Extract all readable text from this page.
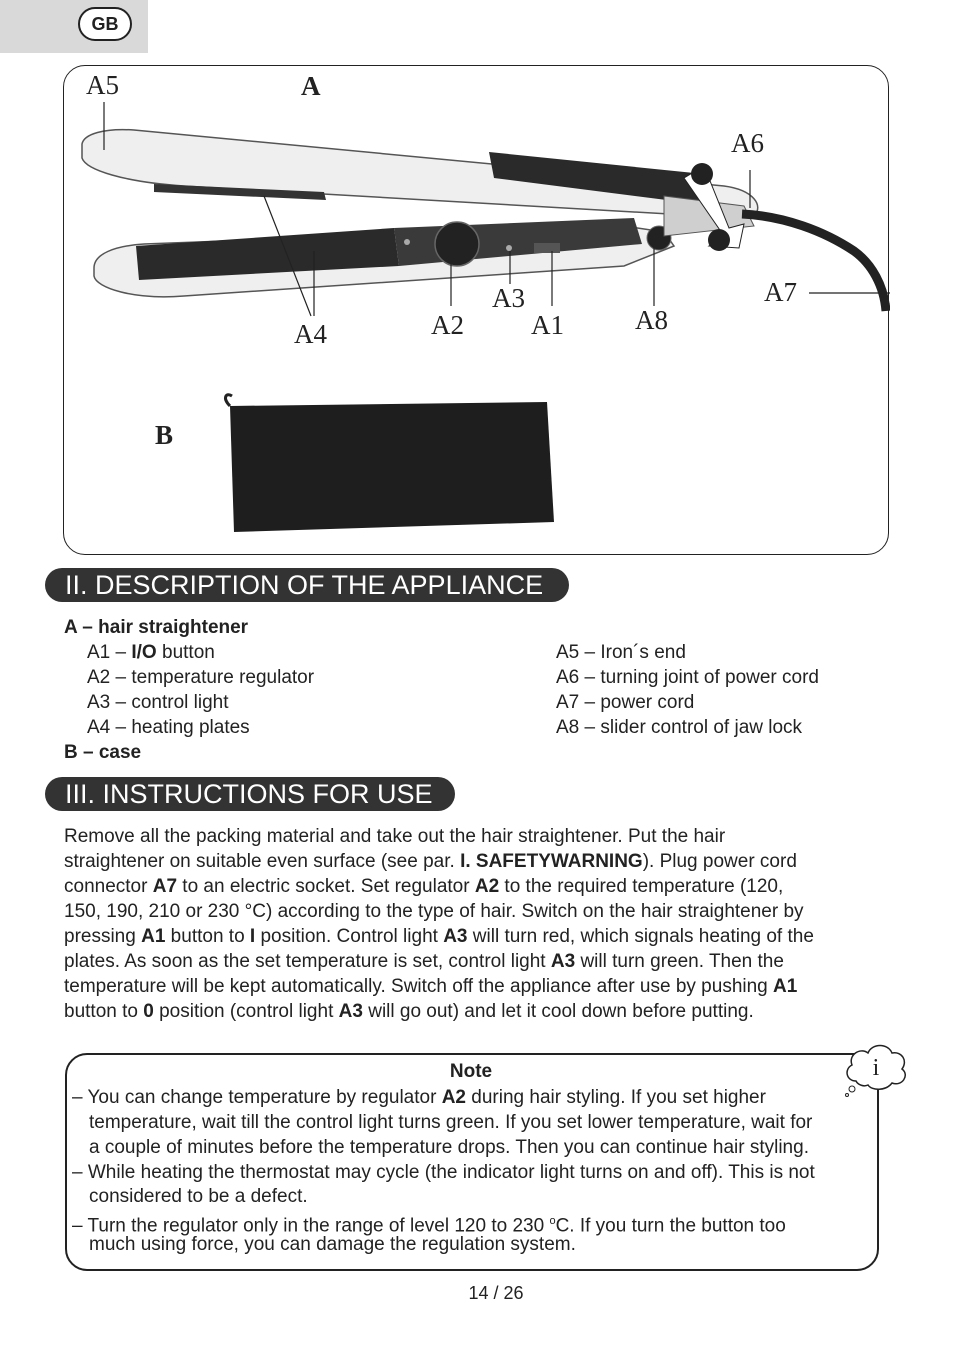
GB
A
A5
A6
A7
A3
A8
A4	A2 A1
B
II. DESCRIPTION OF THE APPLIANCE
A – hair straightener
A1 – I/O button
A2 – temperature regulator
A3 – control light
A4 – heating plates
A5 – Iron´s end
A6 – turning joint of power cord
A7 – power cord
A8 – slider control of jaw lock
B – case
III. INSTRUCTIONS FOR USE
Remove all the packing material and take out the hair straightener. Put the hair
straightener on suitable even surface (see par. I. SAFETYWARNING). Plug power cord
connector A7 to an electric socket. Set regulator A2 to the required temperature (120,
150, 190, 210 or 230 °C) according to the type of hair. Switch on the hair straightener by
pressing A1 button to I position. Control light A3 will turn red, which signals heating of the
plates. As soon as the set temperature is set, control light A3 will turn green. Then the
temperature will be kept automatically. Switch off the appliance after use by pushing A1
button to 0 position (control light A3 will go out) and let it cool down before putting.
i
Note
– You can change temperature by regulator A2 during hair styling. If you set higher
temperature, wait till the control light turns green. If you set lower temperature, wait for
a couple of minutes before the temperature drops. Then you can continue hair styling.
– While heating the thermostat may cycle (the indicator light turns on and off). This is not
considered to be a defect.
– Turn the regulator only in the range of level 120 to 230 $^o$C. If you turn the button too
much using force, you can damage the regulation system.
14 / 26
